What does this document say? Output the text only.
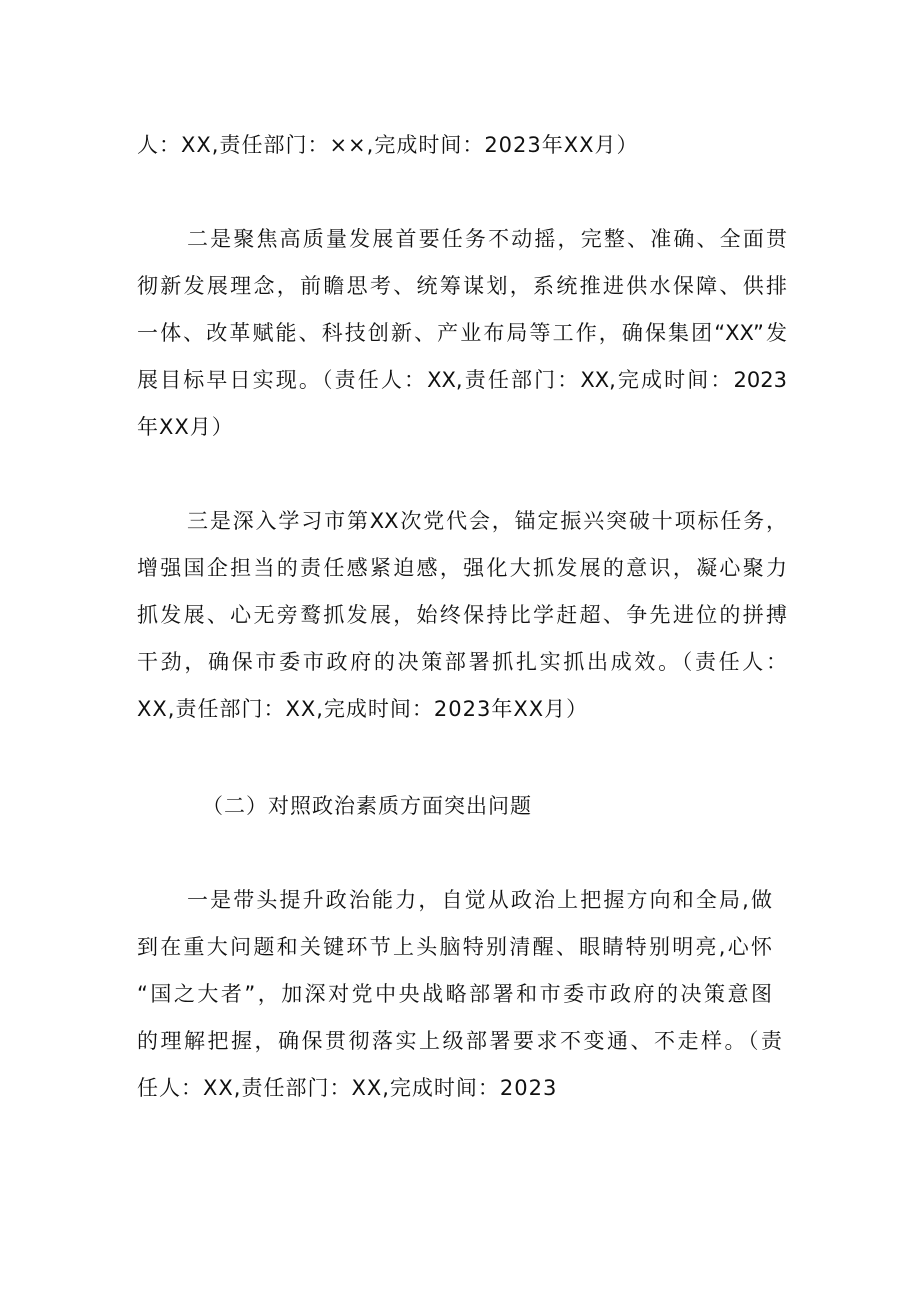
人：XX,责任部门：××,完成时间：2023年XX月）
二是聚焦高质量发展首要任务不动摇，完整、准确、全面贯
彻新发展理念，前瞻思考、统筹谋划，系统推进供水保障、供排
一体、改革赋能、科技创新、产业布局等工作，确保集团“XX”发
展目标早日实现。（责任人：XX,责任部门：XX,完成时间：2023
年XX月）
三是深入学习市第XX次党代会，锚定振兴突破十项标任务，
增强国企担当的责任感紧迫感，强化大抓发展的意识，凝心聚力
抓发展、心无旁鹜抓发展，始终保持比学赶超、争先进位的拼搏
干劲，确保市委市政府的决策部署抓扎实抓出成效。（责任人：
XX,责任部门：XX,完成时间：2023年XX月）
（二）对照政治素质方面突出问题
一是带头提升政治能力，自觉从政治上把握方向和全局,做
到在重大问题和关键环节上头脑特别清醒、眼睛特别明亮,心怀
“国之大者”，加深对党中央战略部署和市委市政府的决策意图
的理解把握，确保贯彻落实上级部署要求不变通、不走样。（责
任人：XX,责任部门：XX,完成时间：2023
